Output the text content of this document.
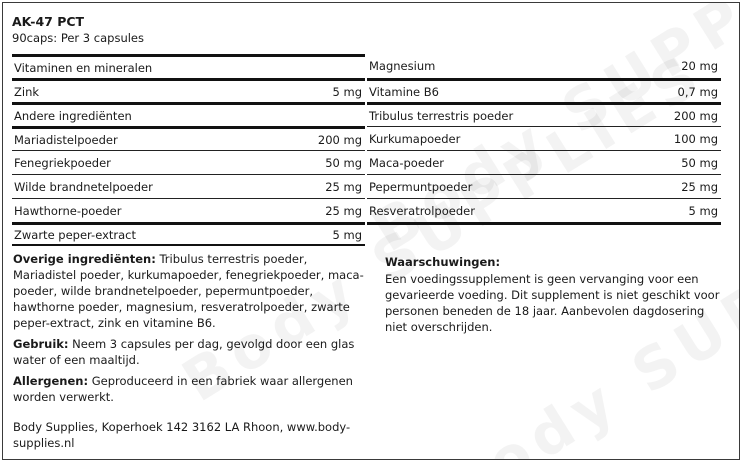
AK-47 PCT
90caps: Per 3 capsules
Vitaminen en mineralen
Zink	5 mg
Andere ingrediënten
Mariadistelpoeder	200 mg
Fenegriekpoeder	50 mg
Wilde brandnetelpoeder	25 mg
Hawthorne-poeder	25 mg
Zwarte peper-extract	5 mg
Magnesium	20 mg
Vitamine B6	0,7 mg
Tribulus terrestris poeder	200 mg
Kurkumapoeder	100 mg
Maca-poeder	50 mg
Pepermuntpoeder	25 mg
Resveratrolpoeder	5 mg

Overige ingrediënten: Tribulus terrestris poeder, Mariadistel poeder, kurkumapoeder, fenegriekpoeder, maca-poeder, wilde brandnetelpoeder, pepermuntpoeder, hawthorne poeder, magnesium, resveratrolpoeder, zwarte peper-extract, zink en vitamine B6.

Gebruik: Neem 3 capsules per dag, gevolgd door een glas water of een maaltijd.

Allergenen: Geproduceerd in een fabriek waar allergenen worden verwerkt.

Body Supplies, Koperhoek 142 3162 LA Rhoon, www.body-supplies.nl

Waarschuwingen:
Een voedingssupplement is geen vervanging voor een gevarieerde voeding. Dit supplement is niet geschikt voor personen beneden de 18 jaar. Aanbevolen dagdosering niet overschrijden.
